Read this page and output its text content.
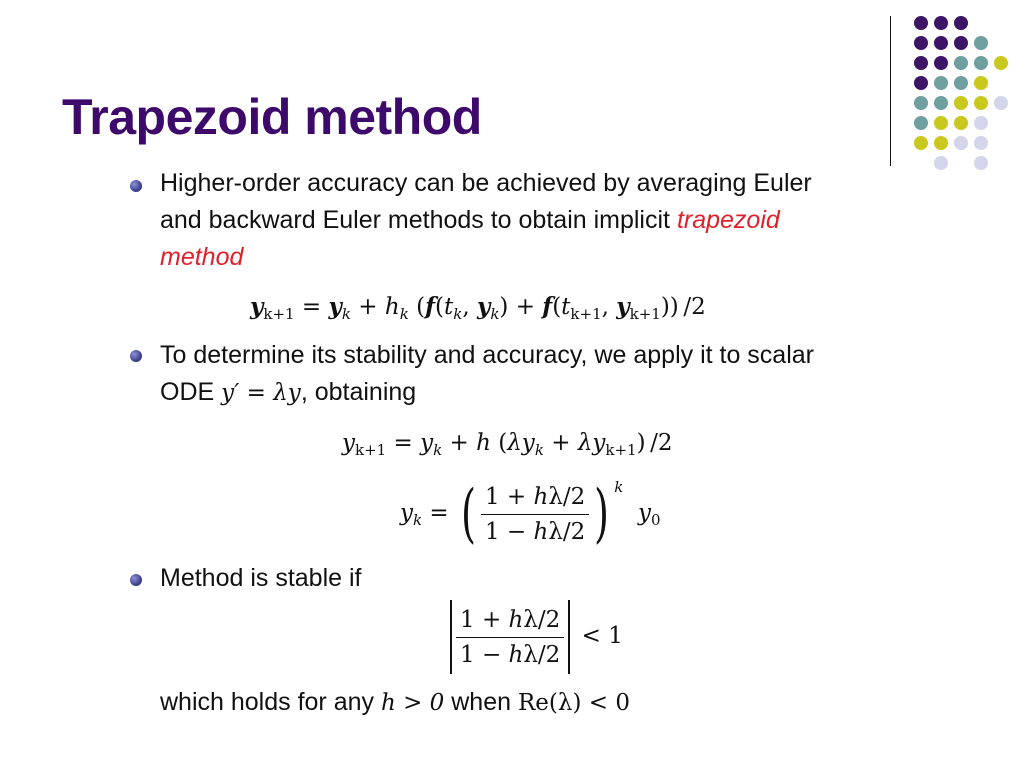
Trapezoid method
Higher-order accuracy can be achieved by averaging Euler
and backward Euler methods to obtain implicit trapezoid
method
$y_{k+1} = y_k + h_k$ ($f(t_k$, $y_k) + f(t_{k+1}$, $y_{k+1}$)) /2
To determine its stability and accuracy, we apply it to scalar
ODE y′ = λy, obtaining
$y_{k+1} = y_k + h$ $(\lambda y_k + \lambda y_{k+1})$ /2
$y_k$ = ( $\frac{1 + h\lambda/2}{1 - h\lambda/2}$ ) $^k$  $y_0$
Method is stable if
$\frac{1 + h\lambda/2}{1 - h\lambda/2} < 1$
which holds for any h > 0 when Re(λ) < 0
